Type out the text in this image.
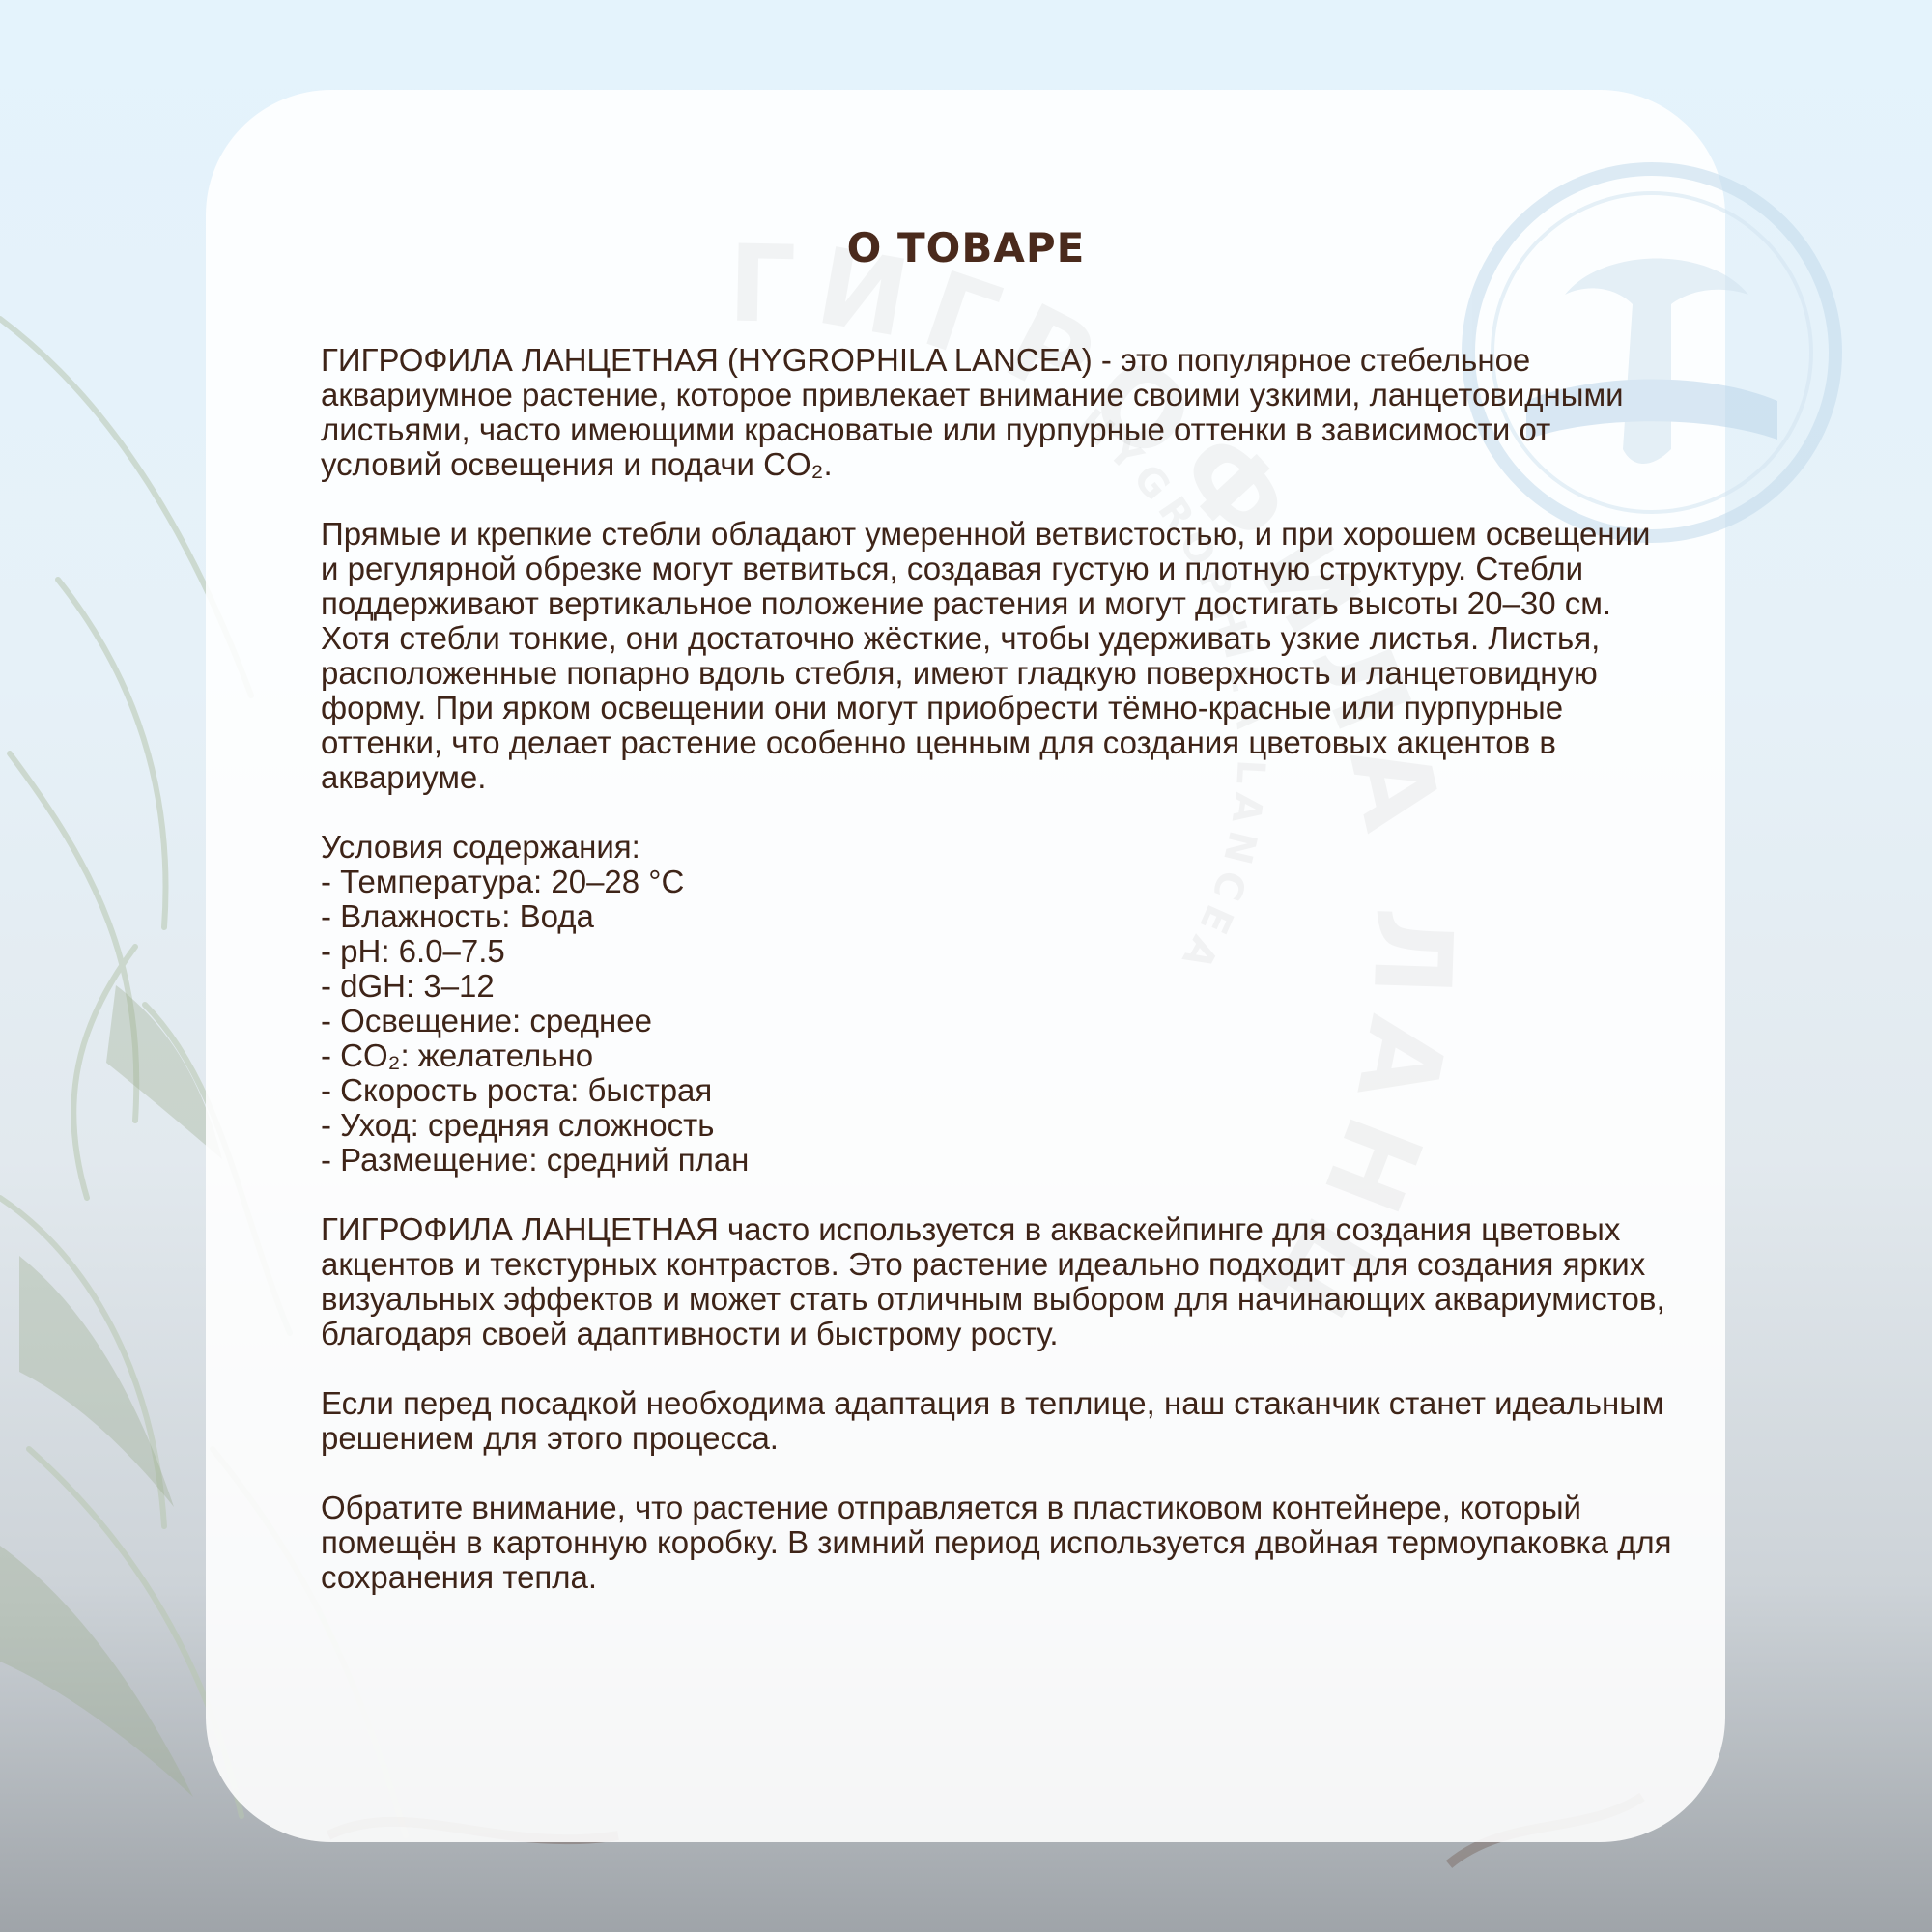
О ТОВАРЕ

ГИГРОФИЛА ЛАНЦЕТНАЯ (HYGROPHILA LANCEA) - это популярное стебельное аквариумное растение, которое привлекает внимание своими узкими, ланцетовидными листьями, часто имеющими красноватые или пурпурные оттенки в зависимости от условий освещения и подачи CO₂.

Прямые и крепкие стебли обладают умеренной ветвистостью, и при хорошем освещении и регулярной обрезке могут ветвиться, создавая густую и плотную структуру. Стебли поддерживают вертикальное положение растения и могут достигать высоты 20–30 см. Хотя стебли тонкие, они достаточно жёсткие, чтобы удерживать узкие листья. Листья, расположенные попарно вдоль стебля, имеют гладкую поверхность и ланцетовидную форму. При ярком освещении они могут приобрести тёмно-красные или пурпурные оттенки, что делает растение особенно ценным для создания цветовых акцентов в аквариуме.

Условия содержания:
- Температура: 20–28 °C
- Влажность: Вода
- pH: 6.0–7.5
- dGH: 3–12
- Освещение: среднее
- CO₂: желательно
- Скорость роста: быстрая
- Уход: средняя сложность
- Размещение: средний план

ГИГРОФИЛА ЛАНЦЕТНАЯ часто используется в акваскейпинге для создания цветовых акцентов и текстурных контрастов. Это растение идеально подходит для создания ярких визуальных эффектов и может стать отличным выбором для начинающих аквариумистов, благодаря своей адаптивности и быстрому росту.

Если перед посадкой необходима адаптация в теплице, наш стаканчик станет идеальным решением для этого процесса.

Обратите внимание, что растение отправляется в пластиковом контейнере, который помещён в картонную коробку. В зимний период используется двойная термоупаковка для сохранения тепла.
